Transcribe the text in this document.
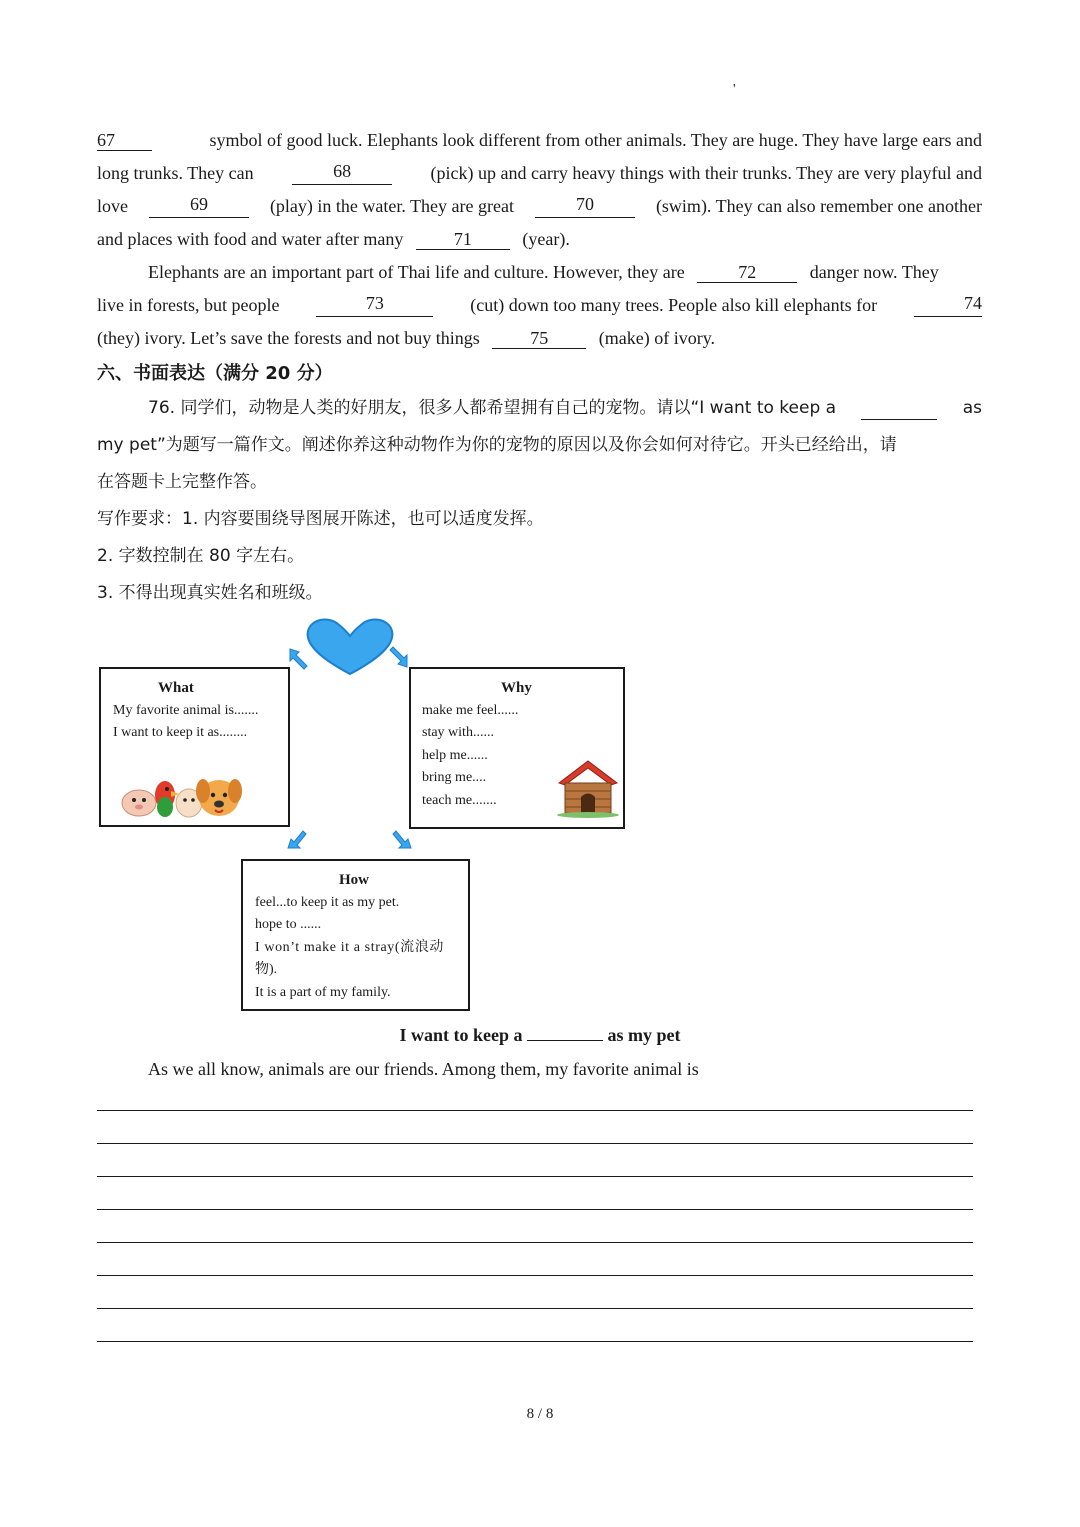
'
67	symbol of good luck. Elephants look different from other animals. They are huge. They have large ears and
long trunks. They can	68	(pick) up and carry heavy things with their trunks. They are very playful and
love	69	(play) in the water. They are great	70	(swim). They can also remember one another
and places with food and water after many	71	(year).
Elephants are an important part of Thai life and culture. However, they are	72	danger now. They
live in forests, but people	73	(cut) down too many trees. People also kill elephants for	74
(they) ivory. Let’s save the forests and not buy things	75	(make) of ivory.
六、书面表达（满分 20 分）
76. 同学们，动物是人类的好朋友，很多人都希望拥有自己的宠物。请以“I want to keep a	as
my pet”为题写一篇作文。阐述你养这种动物作为你的宠物的原因以及你会如何对待它。开头已经给出，请
在答题卡上完整作答。
写作要求：1. 内容要围绕导图展开陈述，也可以适度发挥。
2. 字数控制在 80 字左右。
3. 不得出现真实姓名和班级。
What
My favorite animal is.......
I want to keep it as........
Why
make me feel......
stay with......
help me......
bring me....
teach me.......
How
feel...to keep it as my pet.
hope to ......
I won’t make it a stray(流浪动
物).
It is a part of my family.
I want to keep a	as my pet
As we all know, animals are our friends. Among them, my favorite animal is
8 / 8
